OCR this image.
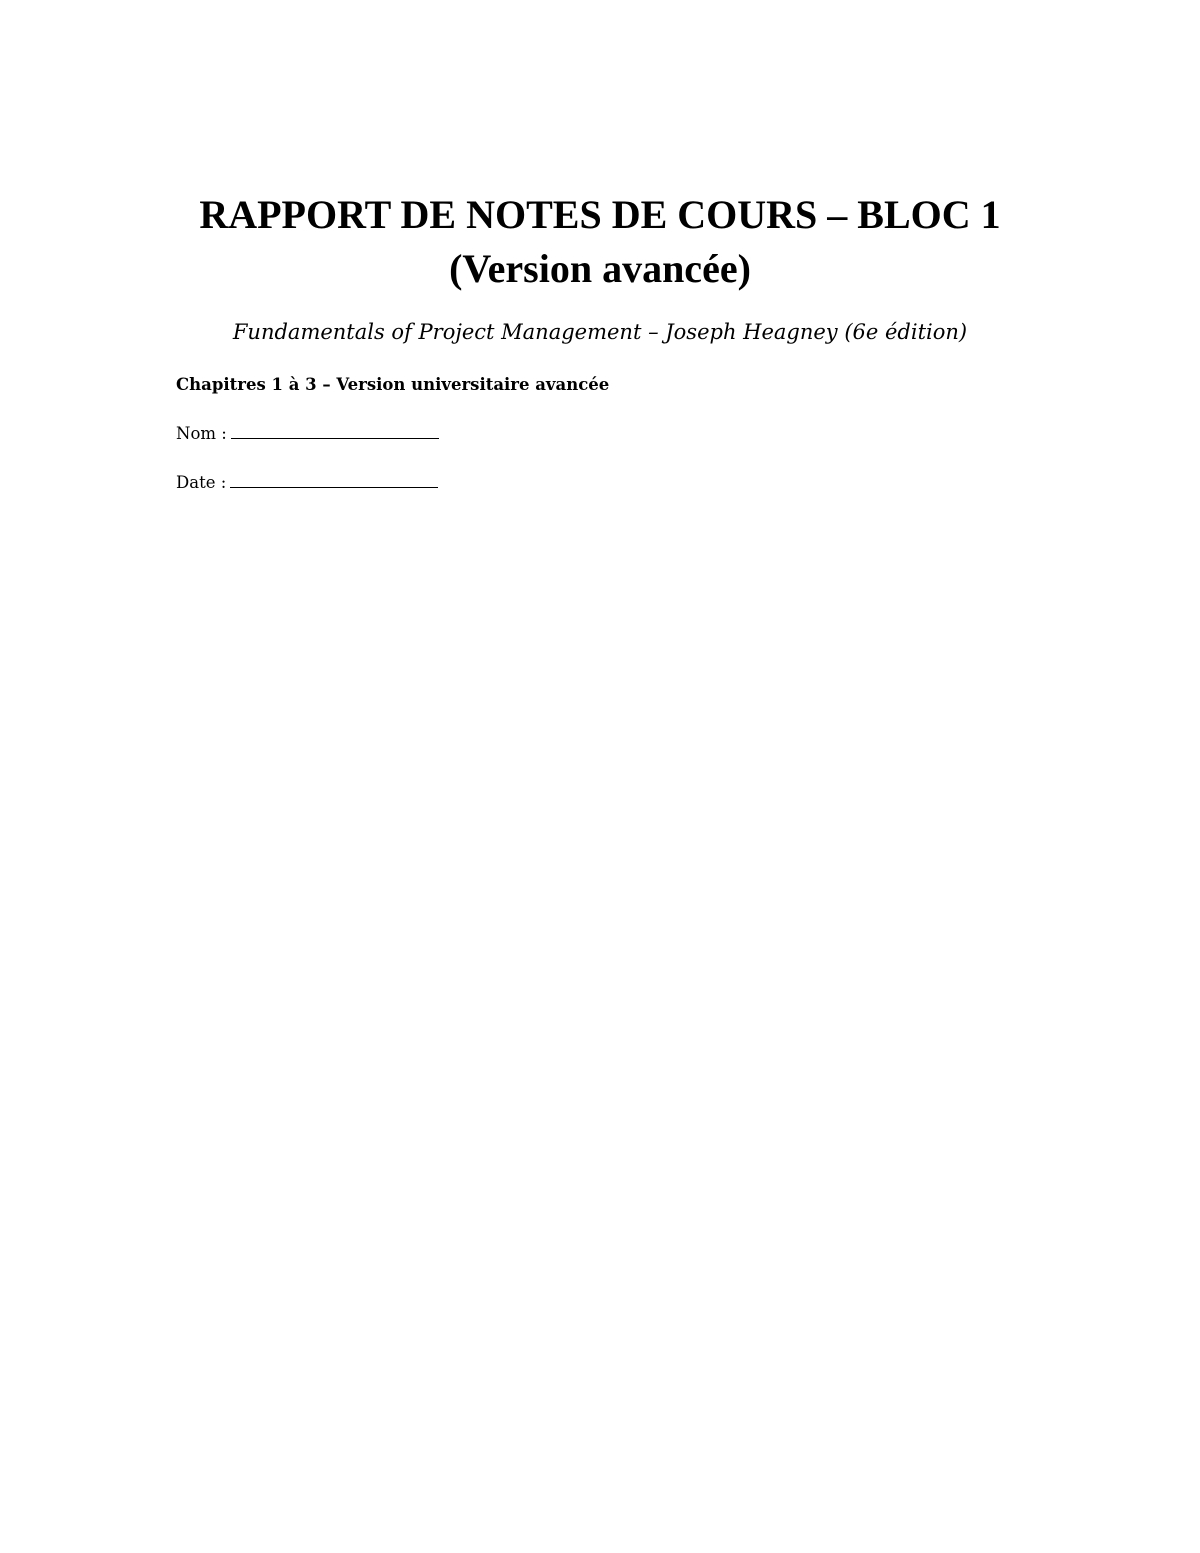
RAPPORT DE NOTES DE COURS – BLOC 1
(Version avancée)

Fundamentals of Project Management – Joseph Heagney (6e édition)

Chapitres 1 à 3 – Version universitaire avancée

Nom :
Date :
